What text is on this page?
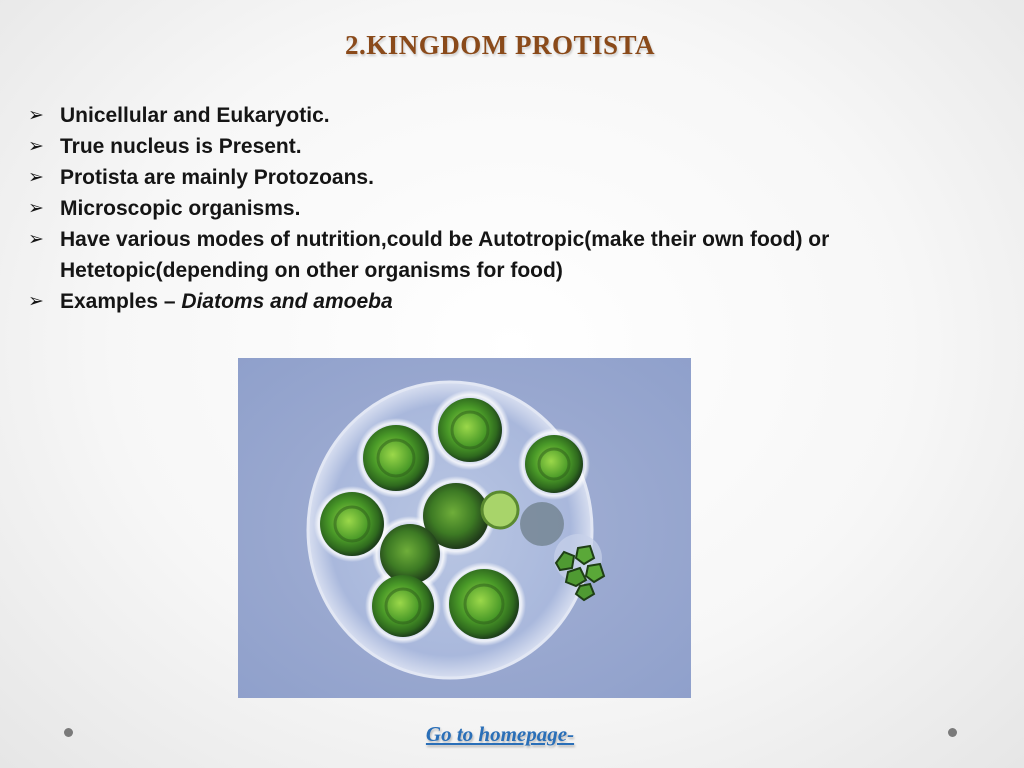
2.KINGDOM PROTISTA
➢ Unicellular and Eukaryotic.
➢ True nucleus is Present.
➢ Protista are mainly Protozoans.
➢ Microscopic organisms.
➢ Have various modes of nutrition,could be Autotropic(make their own food) or Hetetopic(depending on other organisms for food)
➢ Examples – Diatoms and amoeba
Go to homepage-
